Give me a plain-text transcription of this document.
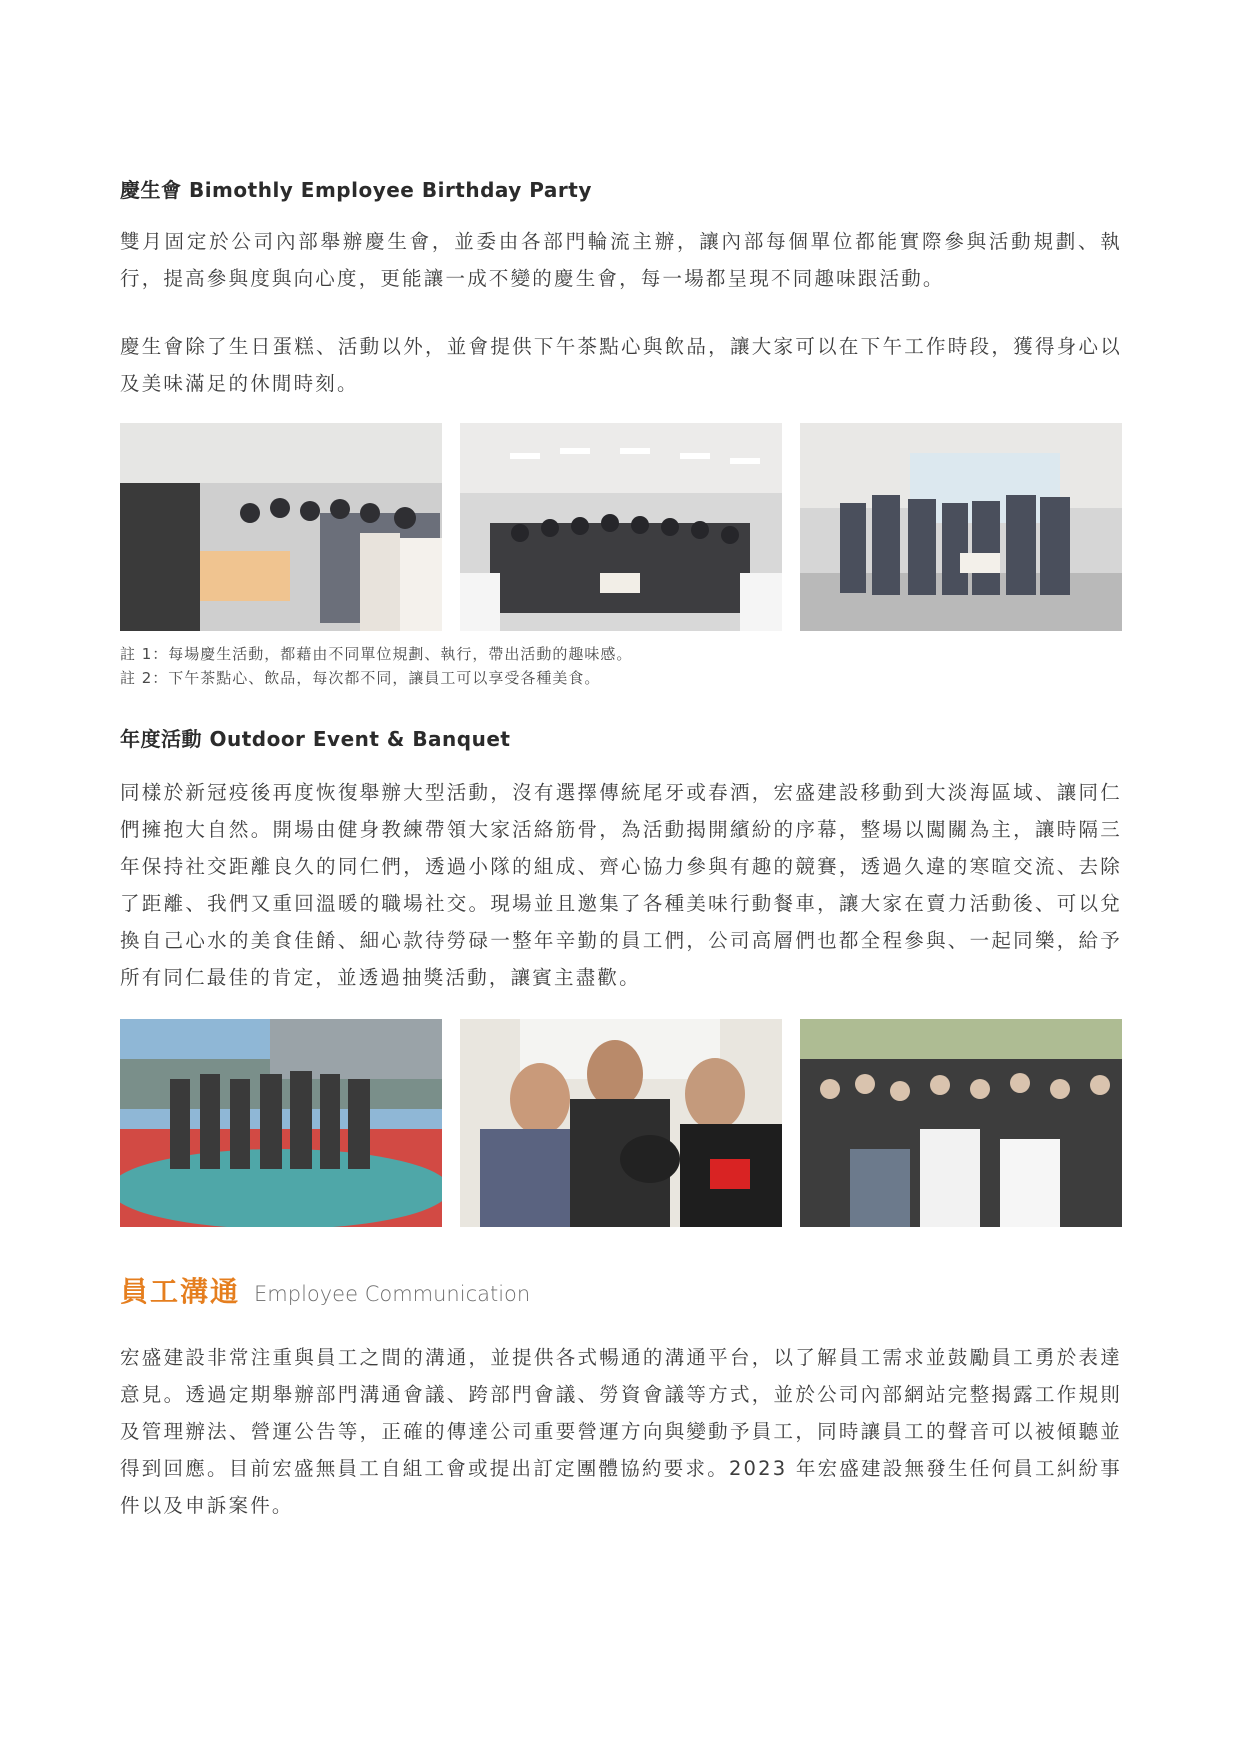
慶生會 Bimothly Employee Birthday Party

雙月固定於公司內部舉辦慶生會，並委由各部門輪流主辦，讓內部每個單位都能實際參與活動規劃、執行，提高參與度與向心度，更能讓一成不變的慶生會，每一場都呈現不同趣味跟活動。

慶生會除了生日蛋糕、活動以外，並會提供下午茶點心與飲品，讓大家可以在下午工作時段，獲得身心以及美味滿足的休閒時刻。

註 1：每場慶生活動，都藉由不同單位規劃、執行，帶出活動的趣味感。
註 2：下午茶點心、飲品，每次都不同，讓員工可以享受各種美食。
年度活動 Outdoor Event & Banquet

同樣於新冠疫後再度恢復舉辦大型活動，沒有選擇傳統尾牙或春酒，宏盛建設移動到大淡海區域、讓同仁們擁抱大自然。開場由健身教練帶領大家活絡筋骨，為活動揭開繽紛的序幕，整場以闖關為主，讓時隔三年保持社交距離良久的同仁們，透過小隊的組成、齊心協力參與有趣的競賽，透過久違的寒暄交流、去除了距離、我們又重回溫暖的職場社交。現場並且邀集了各種美味行動餐車，讓大家在賣力活動後、可以兌換自己心水的美食佳餚、細心款待勞碌一整年辛勤的員工們，公司高層們也都全程參與、一起同樂，給予所有同仁最佳的肯定，並透過抽獎活動，讓賓主盡歡。

員工溝通 Employee Communication

宏盛建設非常注重與員工之間的溝通，並提供各式暢通的溝通平台，以了解員工需求並鼓勵員工勇於表達意見。透過定期舉辦部門溝通會議、跨部門會議、勞資會議等方式，並於公司內部網站完整揭露工作規則及管理辦法、營運公告等，正確的傳達公司重要營運方向與變動予員工，同時讓員工的聲音可以被傾聽並得到回應。目前宏盛無員工自組工會或提出訂定團體協約要求。2023 年宏盛建設無發生任何員工糾紛事件以及申訴案件。
